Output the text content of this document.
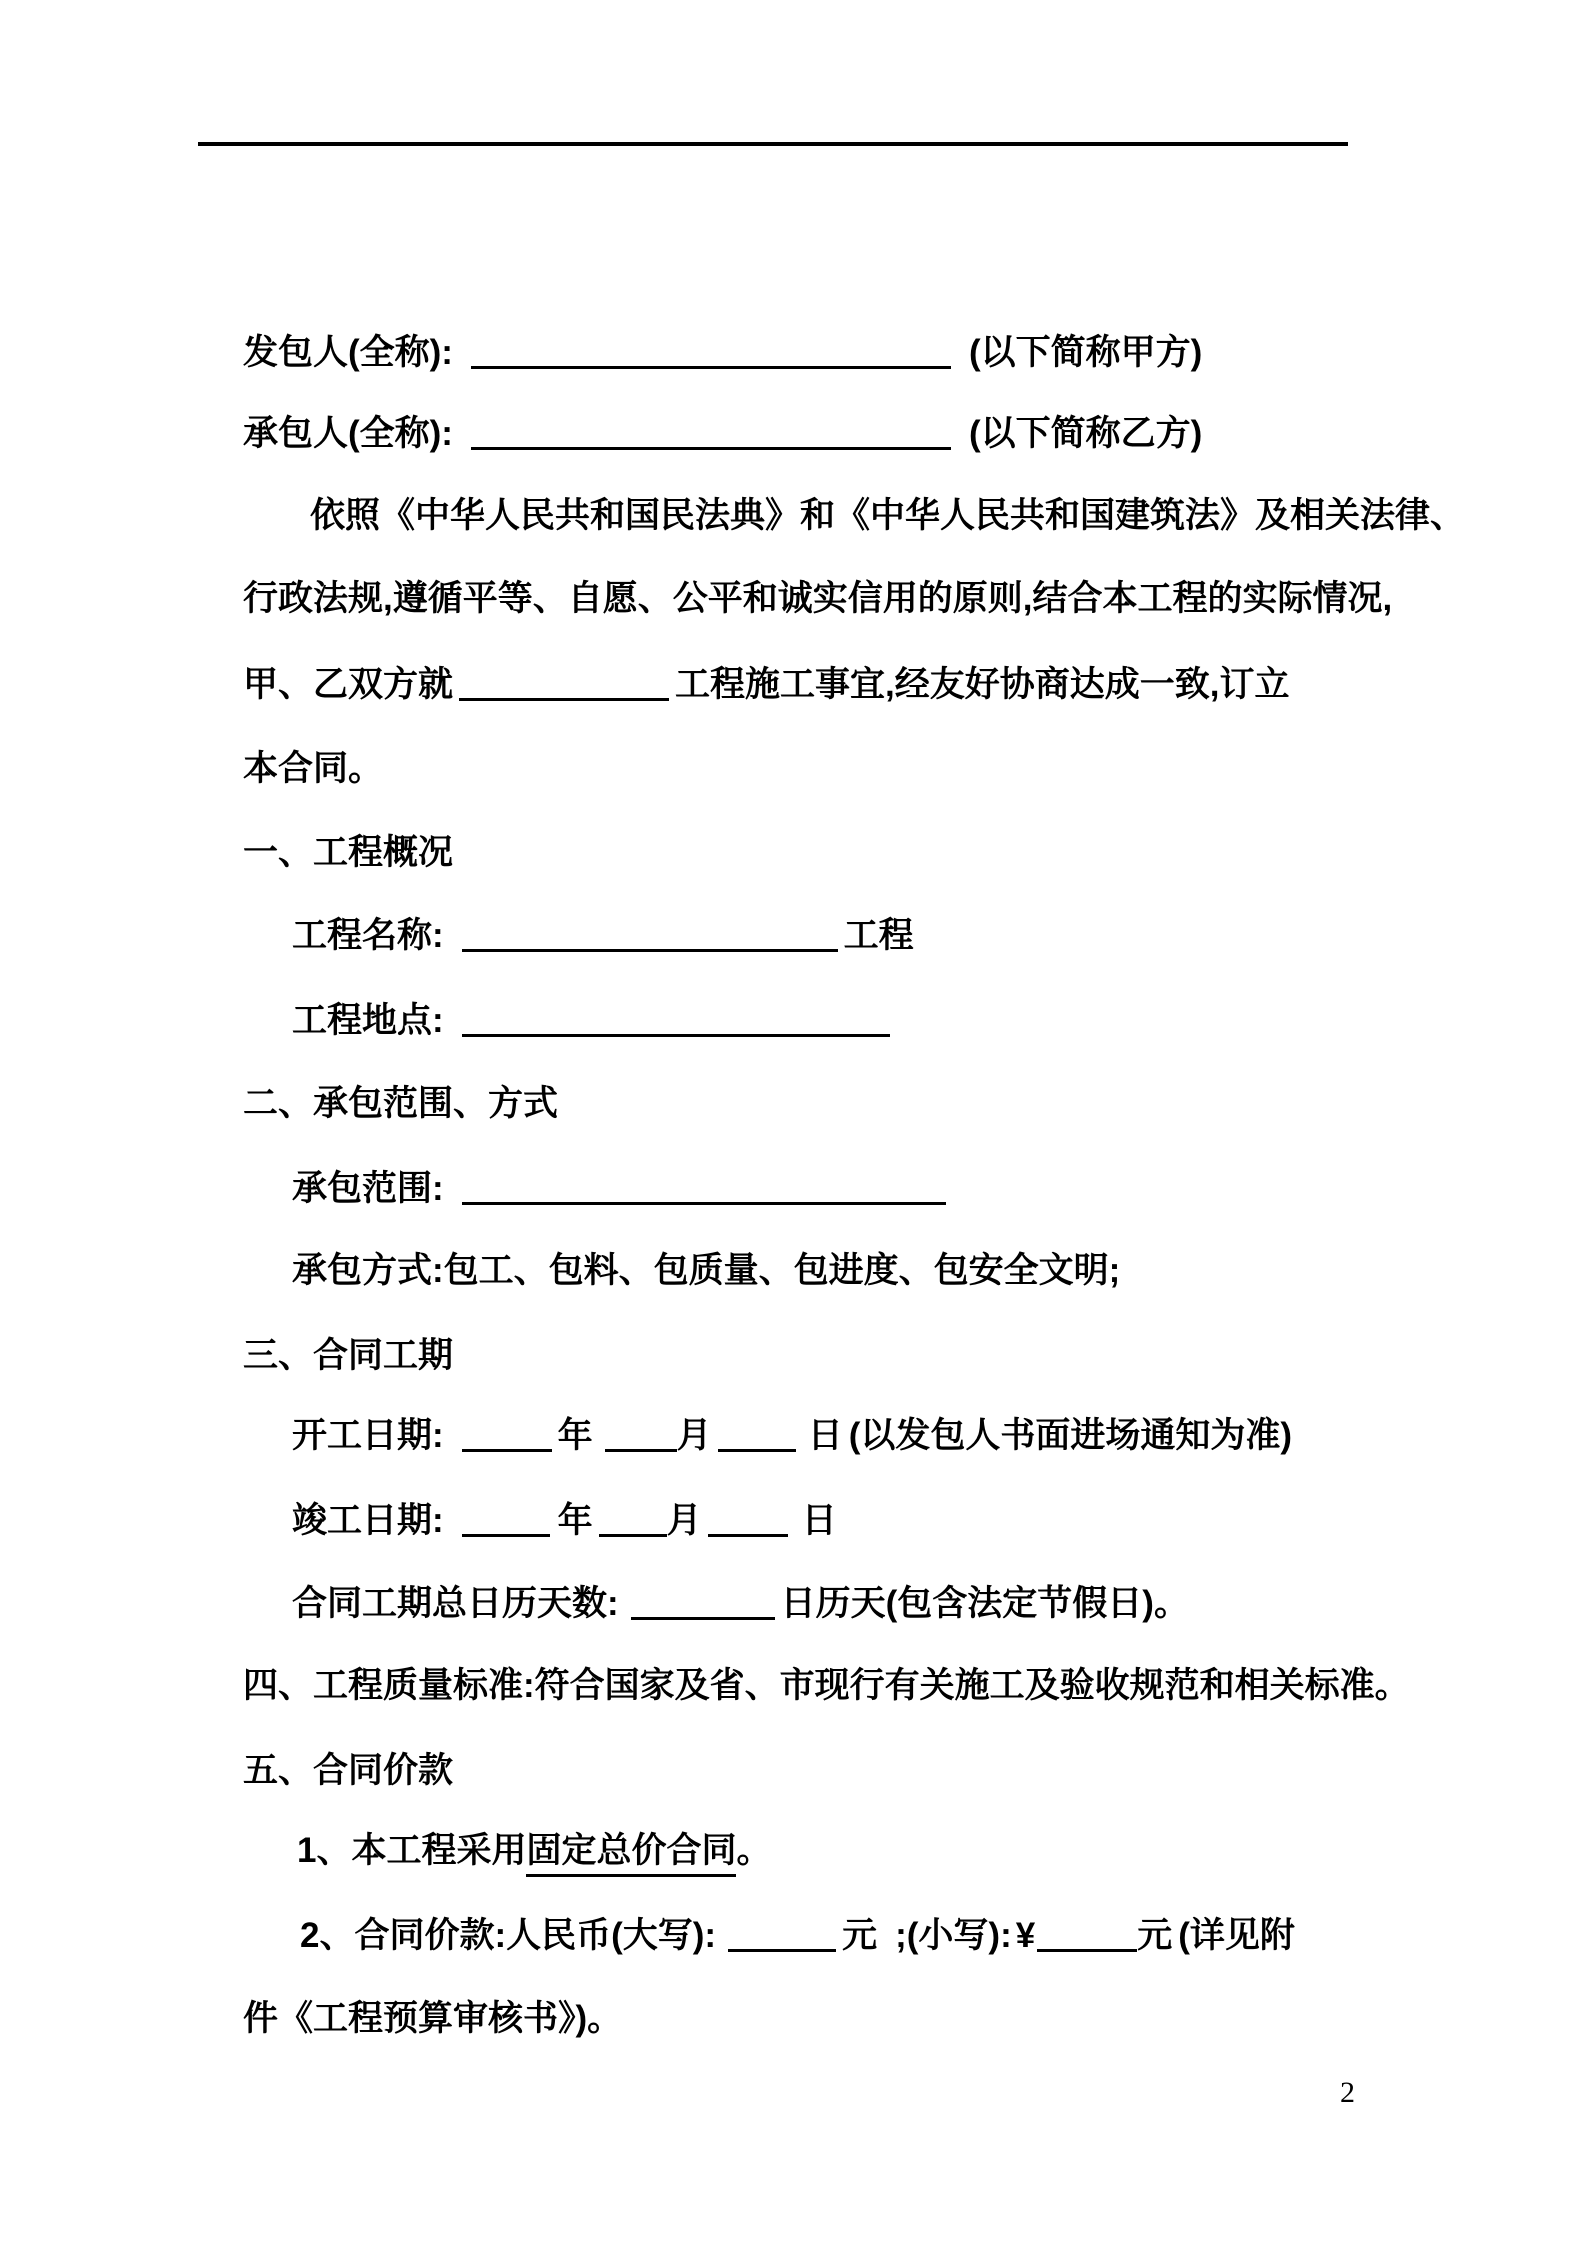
发包人(全称):	(以下简称甲方)
承包人(全称):	(以下简称乙方)
依照《中华人民共和国民法典》和《中华人民共和国建筑法》及相关法律、
行政法规,遵循平等、自愿、公平和诚实信用的原则,结合本工程的实际情况,
甲、乙双方就	工程施工事宜,经友好协商达成一致,订立
本合同。
一、工程概况
工程名称:	工程
工程地点:
二、承包范围、方式
承包范围:
承包方式:包工、包料、包质量、包进度、包安全文明;
三、合同工期
开工日期:	年 月	日 (以发包人书面进场通知为准)
竣工日期:	年 月	日
合同工期总日历天数:	日历天(包含法定节假日)。
四、工程质量标准: 符合国家及省、市现行有关施工及验收规范和相关标准。
五、合同价款
1、本工程采用 固定总价合同 。
2、合同价款:人民币(大写):	元 ; (小写): ¥	元 (详见附
件《工程预算审核书》)。
2
